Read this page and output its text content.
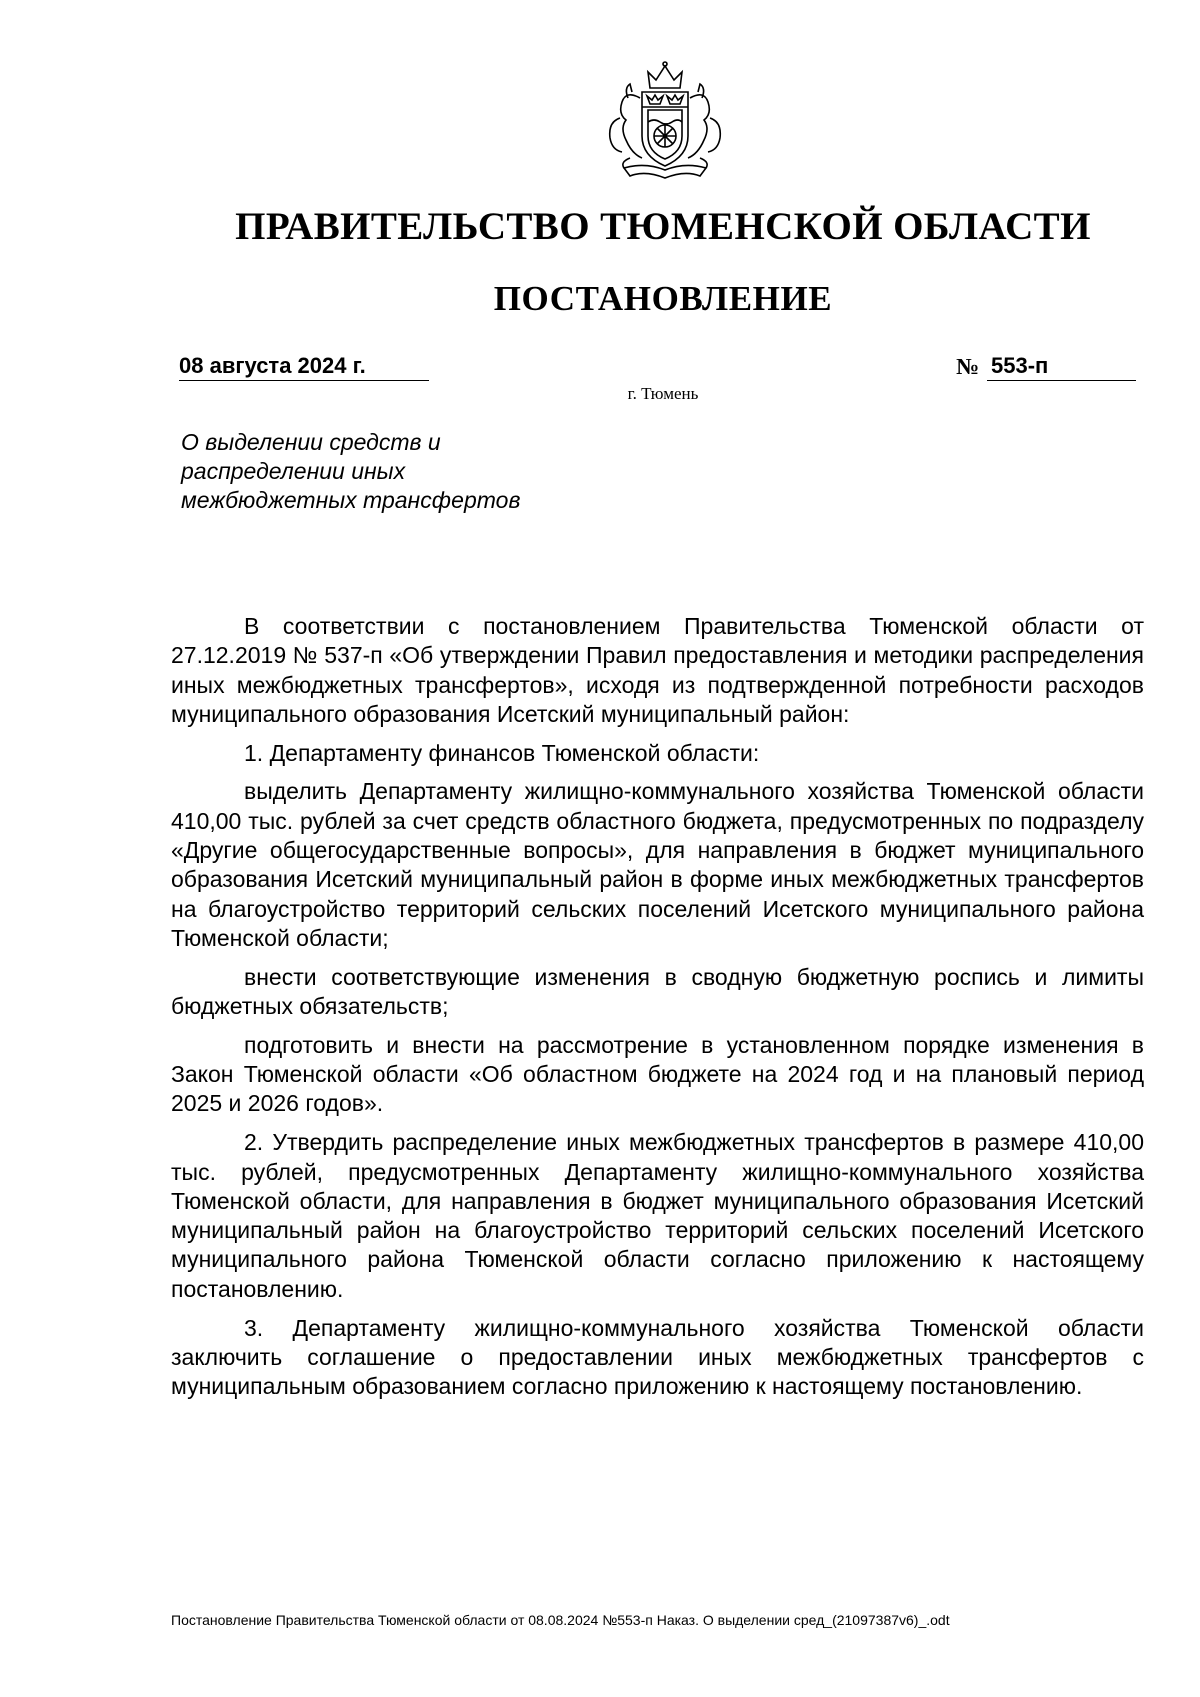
ПРАВИТЕЛЬСТВО ТЮМЕНСКОЙ ОБЛАСТИ
ПОСТАНОВЛЕНИЕ
08 августа 2024 г.	№ 553-п
г. Тюмень
О выделении средств и
распределении иных
межбюджетных трансфертов

В соответствии с постановлением Правительства Тюменской области от 27.12.2019 № 537-п «Об утверждении Правил предоставления и методики распределения иных межбюджетных трансфертов», исходя из подтвержденной потребности расходов муниципального образования Исетский муниципальный район:

1. Департаменту финансов Тюменской области:

выделить Департаменту жилищно-коммунального хозяйства Тюменской области 410,00 тыс. рублей за счет средств областного бюджета, предусмотренных по подразделу «Другие общегосударственные вопросы», для направления в бюджет муниципального образования Исетский муниципальный район в форме иных межбюджетных трансфертов на благоустройство территорий сельских поселений Исетского муниципального района Тюменской области;

внести соответствующие изменения в сводную бюджетную роспись и лимиты бюджетных обязательств;

подготовить и внести на рассмотрение в установленном порядке изменения в Закон Тюменской области «Об областном бюджете на 2024 год и на плановый период 2025 и 2026 годов».

2. Утвердить распределение иных межбюджетных трансфертов в размере 410,00 тыс. рублей, предусмотренных Департаменту жилищно-коммунального хозяйства Тюменской области, для направления в бюджет муниципального образования Исетский муниципальный район на благоустройство территорий сельских поселений Исетского муниципального района Тюменской области согласно приложению к настоящему постановлению.

3. Департаменту жилищно-коммунального хозяйства Тюменской области заключить соглашение о предоставлении иных межбюджетных трансфертов с муниципальным образованием согласно приложению к настоящему постановлению.

Постановление Правительства Тюменской области от 08.08.2024 №553-п Наказ. О выделении сред_(21097387v6)_.odt
